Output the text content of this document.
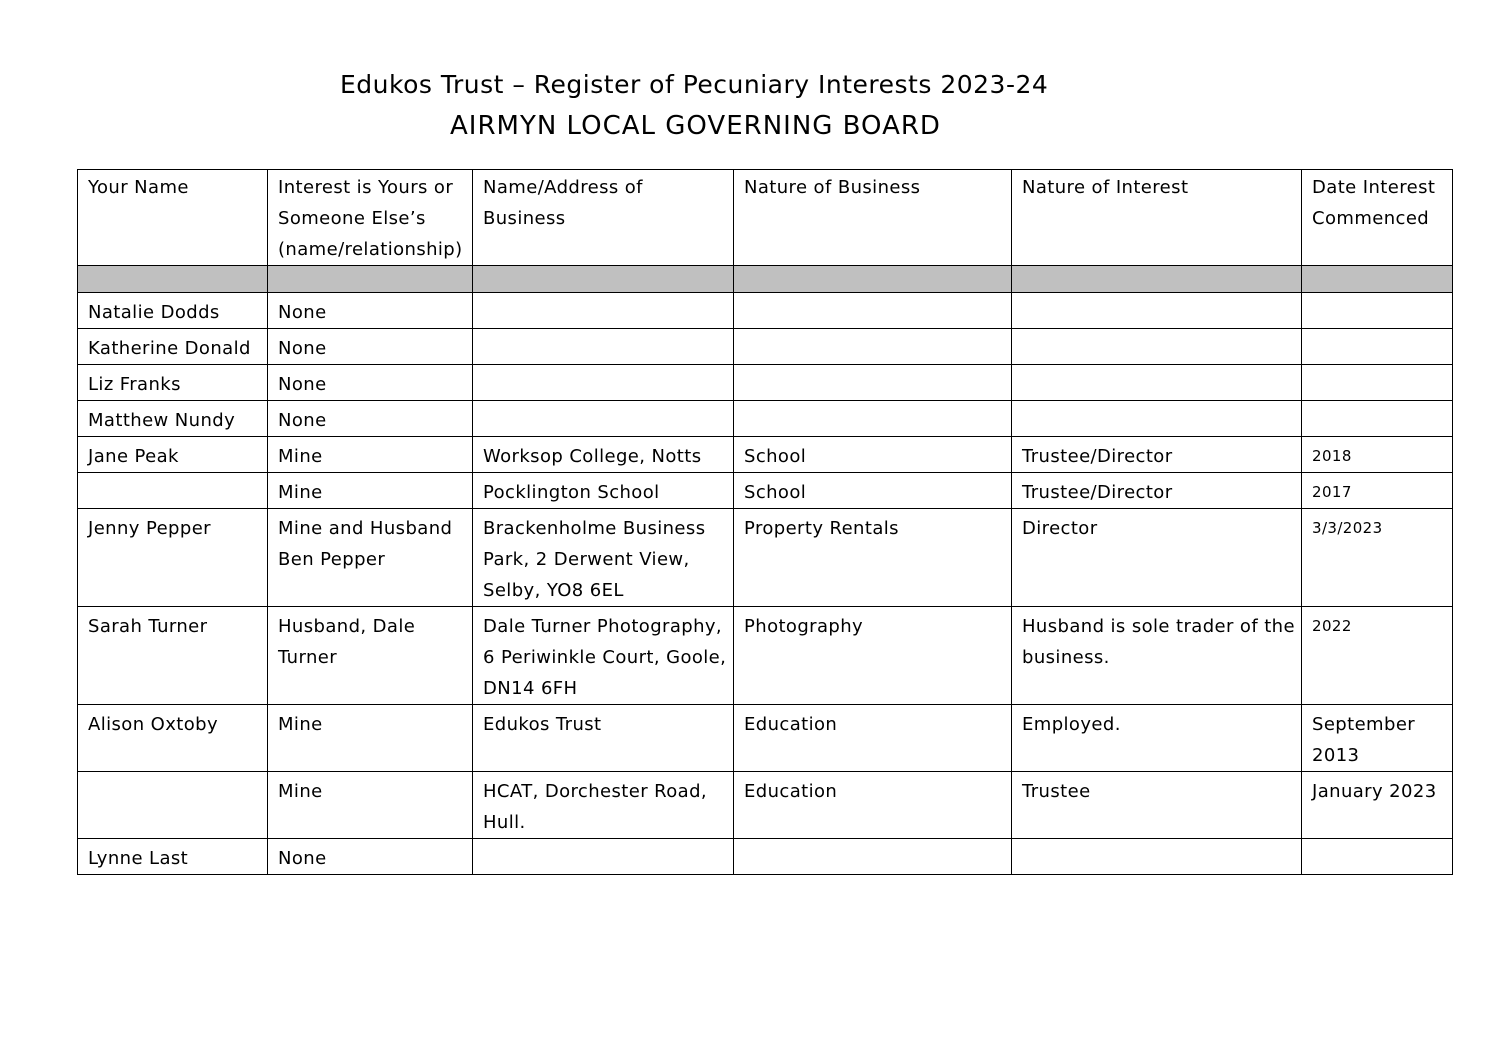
Edukos Trust – Register of Pecuniary Interests 2023-24
AIRMYN LOCAL GOVERNING BOARD
Your Name	Interest is Yours or Someone Else’s (name/relationship)	Name/Address of Business	Nature of Business	Nature of Interest	Date Interest Commenced

Natalie Dodds	None				
Katherine Donald	None				
Liz Franks	None				
Matthew Nundy	None				
Jane Peak	Mine	Worksop College, Notts	School	Trustee/Director	2018
	Mine	Pocklington School	School	Trustee/Director	2017
Jenny Pepper	Mine and Husband Ben Pepper	Brackenholme Business Park, 2 Derwent View, Selby, YO8 6EL	Property Rentals	Director	3/3/2023
Sarah Turner	Husband, Dale Turner	Dale Turner Photography, 6 Periwinkle Court, Goole, DN14 6FH	Photography	Husband is sole trader of the business.	2022
Alison Oxtoby	Mine	Edukos Trust	Education	Employed.	September 2013
	Mine	HCAT, Dorchester Road, Hull.	Education	Trustee	January 2023
Lynne Last	None				
